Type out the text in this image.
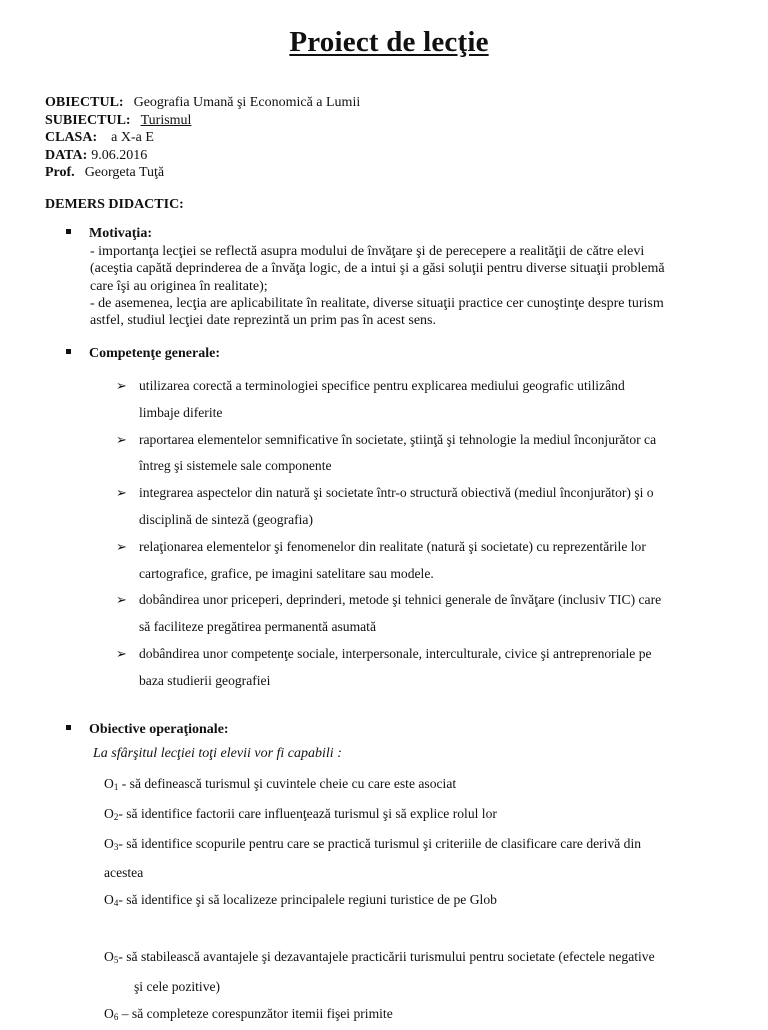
Proiect de lecţie
OBIECTUL: Geografia Umană şi Economică a Lumii
SUBIECTUL: Turismul
CLASA: a X-a E
DATA: 9.06.2016
Prof. Georgeta Tuţă
DEMERS DIDACTIC:
Motivaţia:
- importanţa lecţiei se reflectă asupra modului de învăţare şi de perecepere a realităţii de către elevi
(aceştia capătă deprinderea de a învăţa logic, de a intui şi a găsi soluţii pentru diverse situaţii problemă
care îşi au originea în realitate);
- de asemenea, lecţia are aplicabilitate în realitate, diverse situaţii practice cer cunoştinţe despre turism
astfel, studiul lecţiei date reprezintă un prim pas în acest sens.
Competenţe generale:
➢ utilizarea corectă a terminologiei specifice pentru explicarea mediului geografic utilizând
limbaje diferite
➢ raportarea elementelor semnificative în societate, ştiinţă şi tehnologie la mediul înconjurător ca
întreg şi sistemele sale componente
➢ integrarea aspectelor din natură şi societate într-o structură obiectivă (mediul înconjurător) şi o
disciplină de sinteză (geografia)
➢ relaţionarea elementelor şi fenomenelor din realitate (natură şi societate) cu reprezentările lor
cartografice, grafice, pe imagini satelitare sau modele.
➢ dobândirea unor priceperi, deprinderi, metode şi tehnici generale de învăţare (inclusiv TIC) care
să faciliteze pregătirea permanentă asumată
➢ dobândirea unor competenţe sociale, interpersonale, interculturale, civice şi antreprenoriale pe
baza studierii geografiei
Obiective operaţionale:
La sfârşitul lecţiei toţi elevii vor fi capabili :
$O_1$ - să definească turismul şi cuvintele cheie cu care este asociat
$O_2-$ să identifice factorii care influenţează turismul şi să explice rolul lor
$O_3-$ să identifice scopurile pentru care se practică turismul şi criteriile de clasificare care derivă din
acestea
$O_4-$ să identifice şi să localizeze principalele regiuni turistice de pe Glob
$O_5-$ să stabilească avantajele şi dezavantajele practicării turismului pentru societate (efectele negative

şi cele pozitive)
$O_6$ – să completeze corespunzător itemii fişei primite
